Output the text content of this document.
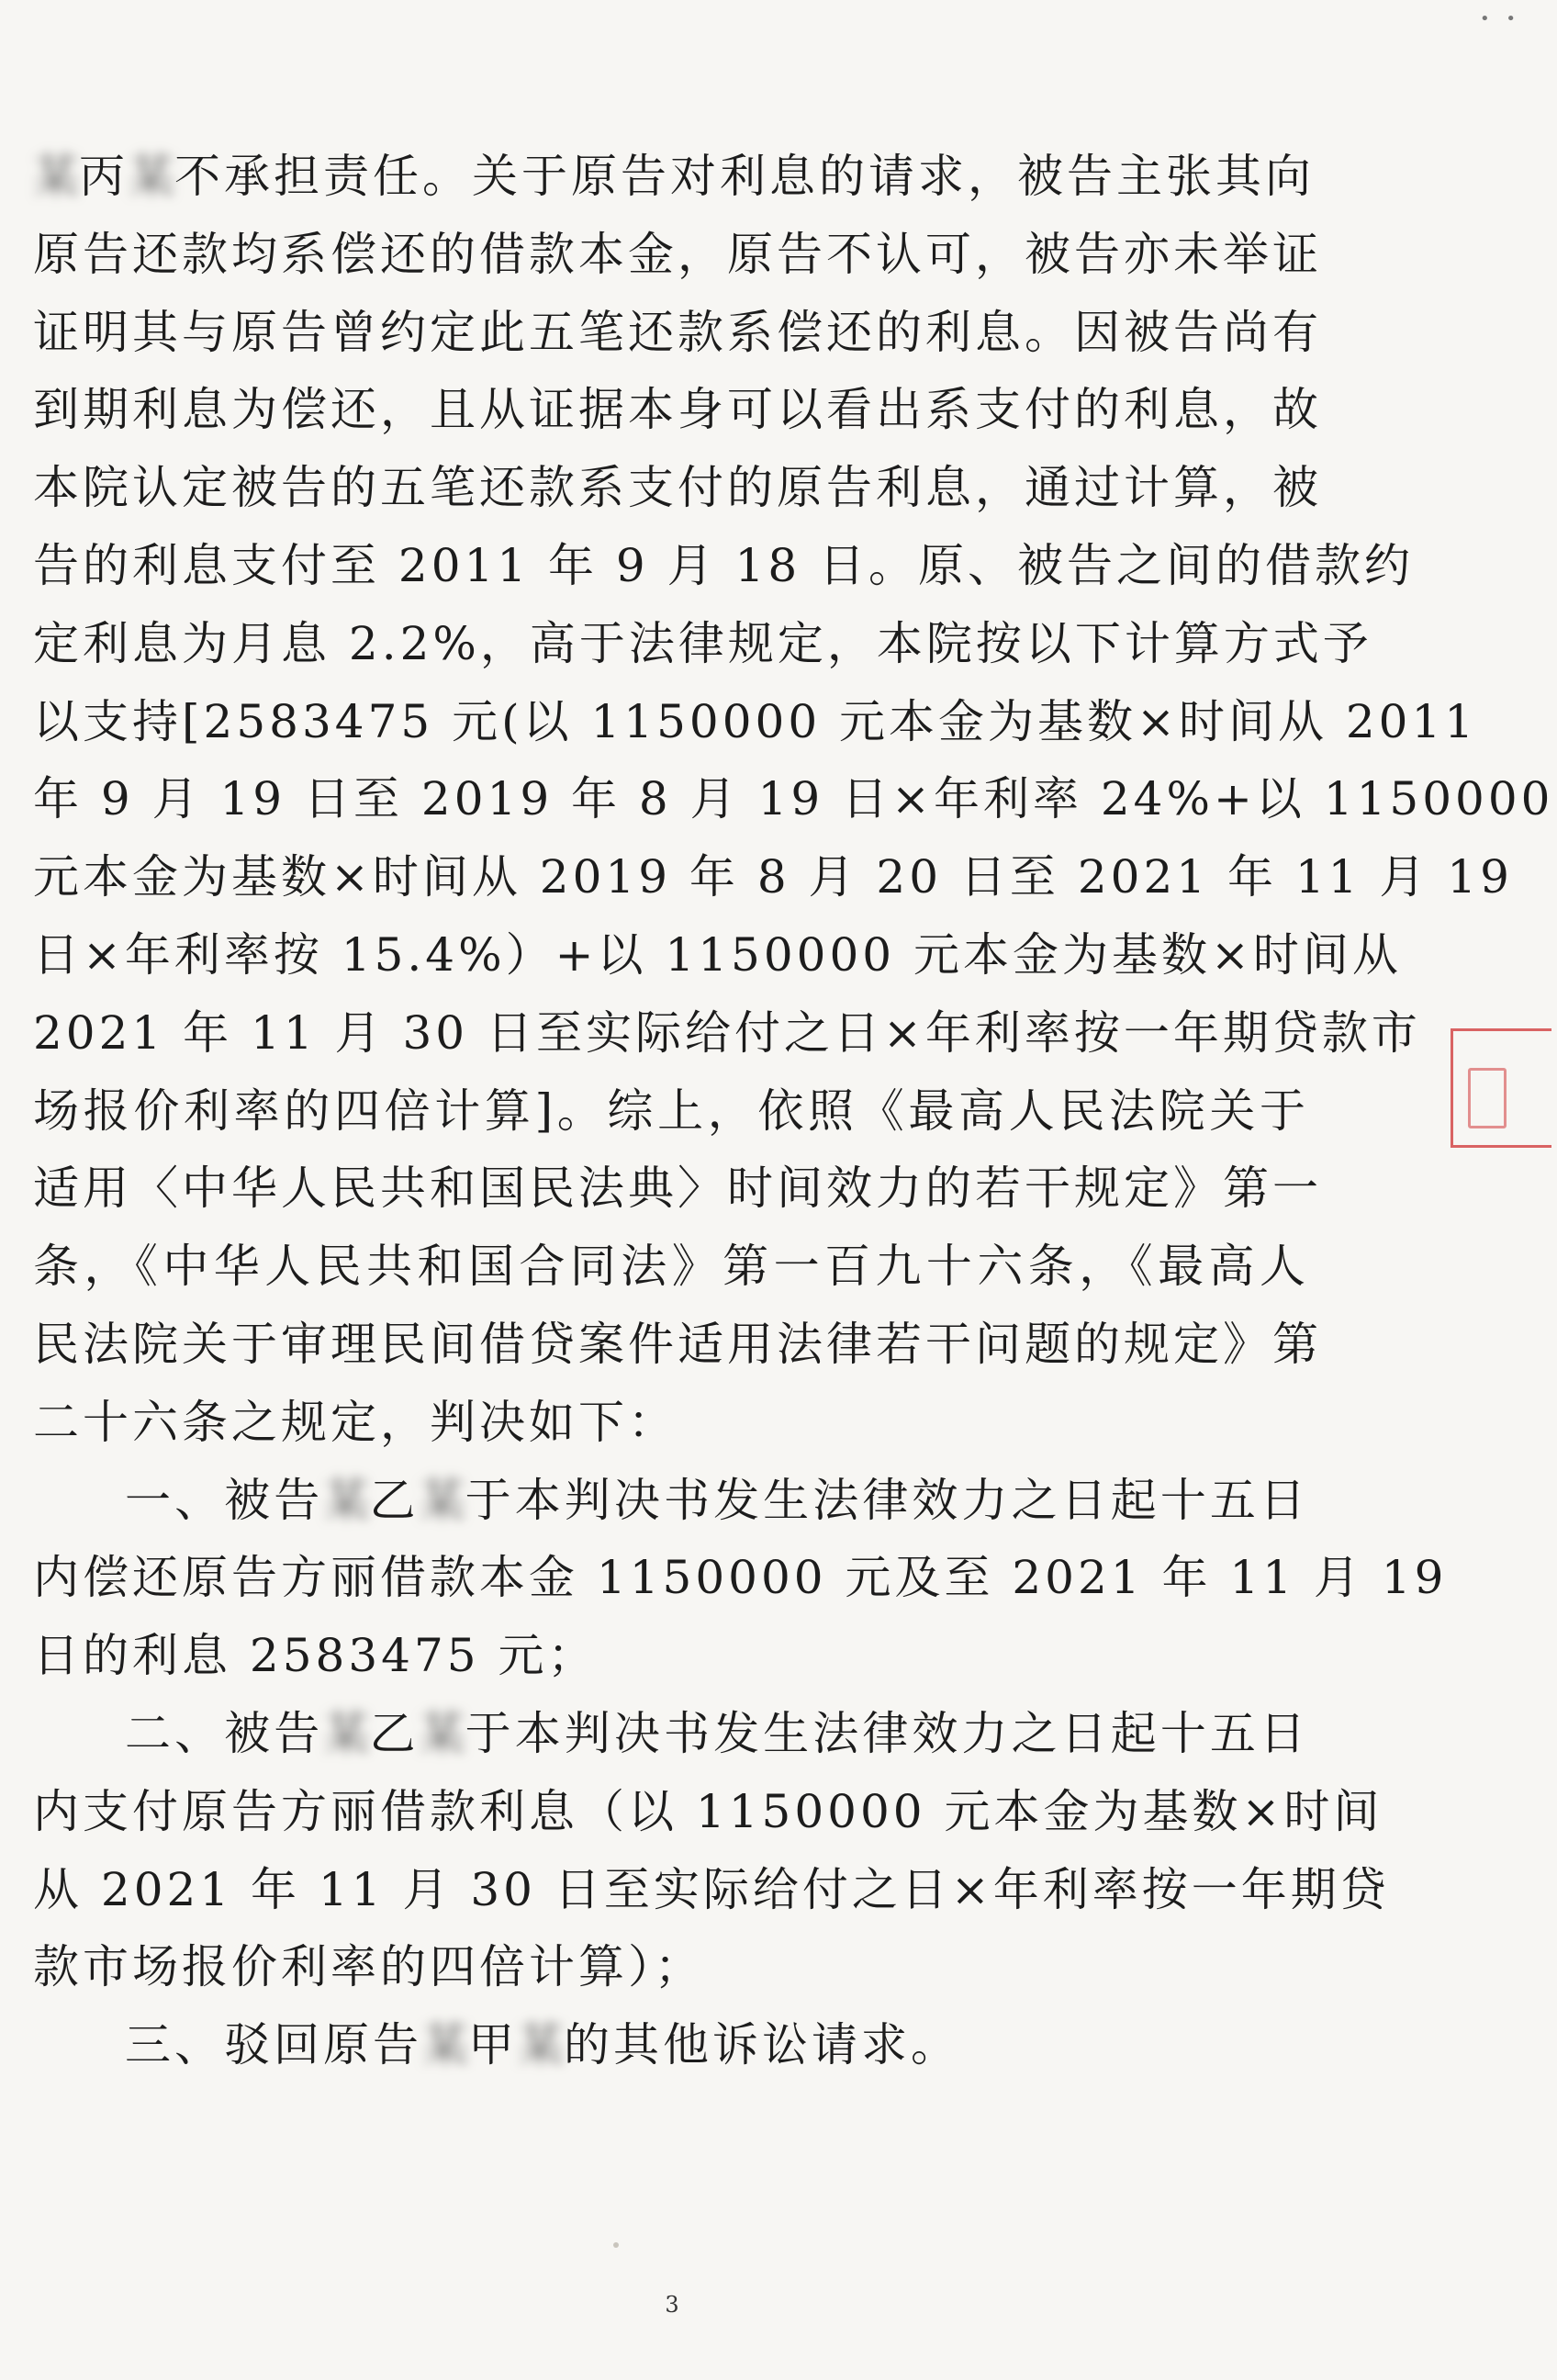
• •
某丙某不承担责任。关于原告对利息的请求，被告主张其向
原告还款均系偿还的借款本金，原告不认可，被告亦未举证
证明其与原告曾约定此五笔还款系偿还的利息。因被告尚有
到期利息为偿还，且从证据本身可以看出系支付的利息，故
本院认定被告的五笔还款系支付的原告利息，通过计算，被
告的利息支付至 2011 年 9 月 18 日。原、被告之间的借款约
定利息为月息 2.2%，高于法律规定，本院按以下计算方式予
以支持[2583475 元(以 1150000 元本金为基数×时间从 2011
年 9 月 19 日至 2019 年 8 月 19 日×年利率 24%+以 1150000
元本金为基数×时间从 2019 年 8 月 20 日至 2021 年 11 月 19
日×年利率按 15.4%）+以 1150000 元本金为基数×时间从
2021 年 11 月 30 日至实际给付之日×年利率按一年期贷款市
场报价利率的四倍计算]。综上，依照《最高人民法院关于
适用〈中华人民共和国民法典〉时间效力的若干规定》第一
条，《中华人民共和国合同法》第一百九十六条，《最高人
民法院关于审理民间借贷案件适用法律若干问题的规定》第
二十六条之规定，判决如下：
一、被告某乙某于本判决书发生法律效力之日起十五日
内偿还原告方丽借款本金 1150000 元及至 2021 年 11 月 19
日的利息 2583475 元；
二、被告某乙某于本判决书发生法律效力之日起十五日
内支付原告方丽借款利息（以 1150000 元本金为基数×时间
从 2021 年 11 月 30 日至实际给付之日×年利率按一年期贷
款市场报价利率的四倍计算）；
三、驳回原告某甲某的其他诉讼请求。
3
